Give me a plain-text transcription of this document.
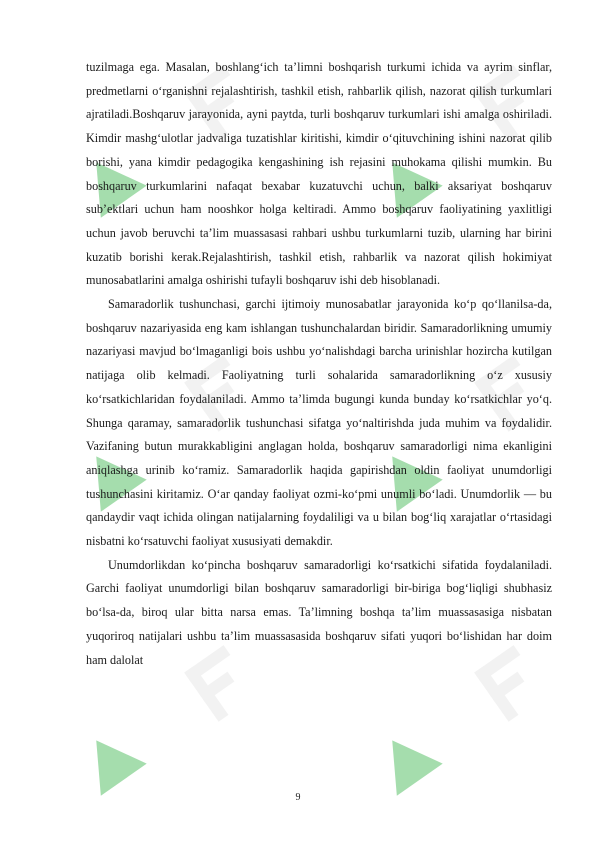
tuzilmaga ega. Masalan, boshlang‘ich ta’limni boshqarish turkumi ichida va ayrim sinflar, predmetlarni o‘rganishni rejalashtirish, tashkil etish, rahbarlik qilish, nazorat qilish turkumlari ajratiladi.Boshqaruv jarayonida, ayni paytda, turli boshqaruv turkumlari ishi amalga oshiriladi. Kimdir mashg‘ulotlar jadvaliga tuzatishlar kiritishi, kimdir o‘qituvchining ishini nazorat qilib borishi, yana kimdir pedagogika kengashining ish rejasini muhokama qilishi mumkin. Bu boshqaruv turkumlarini nafaqat bexabar kuzatuvchi uchun, balki aksariyat boshqaruv sub’ektlari uchun ham nooshkor holga keltiradi. Ammo boshqaruv faoliyatining yaxlitligi uchun javob beruvchi ta’lim muassasasi rahbari ushbu turkumlarni tuzib, ularning har birini kuzatib borishi kerak.Rejalashtirish, tashkil etish, rahbarlik va nazorat qilish hokimiyat munosabatlarini amalga oshirishi tufayli boshqaruv ishi deb hisoblanadi.

Samaradorlik tushunchasi, garchi ijtimoiy munosabatlar jarayonida ko‘p qo‘llanilsa-da, boshqaruv nazariyasida eng kam ishlangan tushunchalardan biridir. Samaradorlikning umumiy nazariyasi mavjud bo‘lmaganligi bois ushbu yo‘nalishdagi barcha urinishlar hozircha kutilgan natijaga olib kelmadi. Faoliyatning turli sohalarida samaradorlikning o‘z xususiy ko‘rsatkichlaridan foydalaniladi. Ammo ta’limda bugungi kunda bunday ko‘rsatkichlar yo‘q. Shunga qaramay, samaradorlik tushunchasi sifatga yo‘naltirishda juda muhim va foydalidir. Vazifaning butun murakkabligini anglagan holda, boshqaruv samaradorligi nima ekanligini aniqlashga urinib ko‘ramiz. Samaradorlik haqida gapirishdan oldin faoliyat unumdorligi tushunchasini kiritamiz. O‘ar qanday faoliyat ozmi-ko‘pmi unumli bo‘ladi. Unumdorlik — bu qandaydir vaqt ichida olingan natijalarning foydaliligi va u bilan bog‘liq xarajatlar o‘rtasidagi nisbatni ko‘rsatuvchi faoliyat xususiyati demakdir.

Unumdorlikdan ko‘pincha boshqaruv samaradorligi ko‘rsatkichi sifatida foydalaniladi. Garchi faoliyat unumdorligi bilan boshqaruv samaradorligi bir-biriga bog‘liqligi shubhasiz bo‘lsa-da, biroq ular bitta narsa emas. Ta’limning boshqa ta’lim muassasasiga nisbatan yuqoriroq natijalari ushbu ta’lim muassasasida boshqaruv sifati yuqori bo‘lishidan har doim ham dalolat

9
